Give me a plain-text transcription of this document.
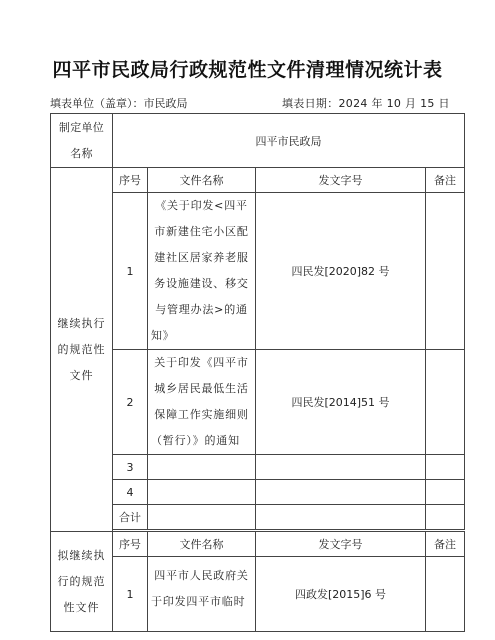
四平市民政局行政规范性文件清理情况统计表
填表单位（盖章）：市民政局	填表日期：2024 年 10 月 15 日
制定单位名称	四平市民政局			
继续执行的规范性文件	序号	文件名称	发文字号	备注
	1	《关于印发<四平市新建住宅小区配建社区居家养老服务设施建设、移交与管理办法>的通知》	四民发[2020]82 号	
	2	关于印发《四平市城乡居民最低生活保障工作实施细则（暂行）》的通知	四民发[2014]51 号	
	3			
	4			
	合计			

拟继续执行的规范性文件	序号	文件名称	发文字号	备注
	1	四平市人民政府关于印发四平市临时	四政发[2015]6 号	
